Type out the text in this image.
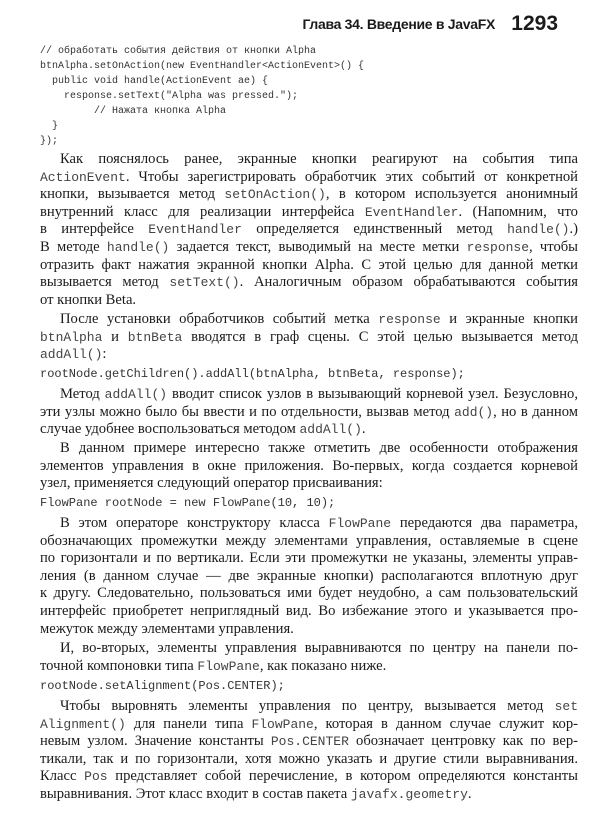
Глава 34. Введение в JavaFX 1293
// обработать события действия от кнопки Alpha
btnAlpha.setOnAction(new EventHandler<ActionEvent>() {
public void handle(ActionEvent ae) {
response.setText("Alpha was pressed.");
// Нажата кнопка Alpha
}
});
Как пояснялось ранее, экранные кнопки реагируют на события типа
ActionEvent. Чтобы зарегистрировать обработчик этих событий от конкретной
кнопки, вызывается метод setOnAction(), в котором используется анонимный
внутренний класс для реализации интерфейса EventHandler. (Напомним, что
в интерфейсе EventHandler определяется единственный метод handle().)
В методе handle() задается текст, выводимый на месте метки response, чтобы
отразить факт нажатия экранной кнопки Alpha. С этой целью для данной метки
вызывается метод setText(). Аналогичным образом обрабатываются события
от кнопки Beta.
После установки обработчиков событий метка response и экранные кнопки
btnAlpha и btnBeta вводятся в граф сцены. С этой целью вызывается метод
addAll():
rootNode.getChildren().addAll(btnAlpha, btnBeta, response);
Метод addAll() вводит список узлов в вызывающий корневой узел. Безусловно,
эти узлы можно было бы ввести и по отдельности, вызвав метод add(), но в данном
случае удобнее воспользоваться методом addAll().
В данном примере интересно также отметить две особенности отображения
элементов управления в окне приложения. Во-первых, когда создается корневой
узел, применяется следующий оператор присваивания:
FlowPane rootNode = new FlowPane(10, 10);
В этом операторе конструктору класса FlowPane передаются два параметра,
обозначающих промежутки между элементами управления, оставляемые в сцене
по горизонтали и по вертикали. Если эти промежутки не указаны, элементы управ-
ления (в данном случае — две экранные кнопки) располагаются вплотную друг
к другу. Следовательно, пользоваться ими будет неудобно, а сам пользовательский
интерфейс приобретет неприглядный вид. Во избежание этого и указывается про-
межуток между элементами управления.
И, во-вторых, элементы управления выравниваются по центру на панели по-
точной компоновки типа FlowPane, как показано ниже.
rootNode.setAlignment(Pos.CENTER);
Чтобы выровнять элементы управления по центру, вызывается метод set
Alignment() для панели типа FlowPane, которая в данном случае служит кор-
невым узлом. Значение константы Pos.CENTER обозначает центровку как по вер-
тикали, так и по горизонтали, хотя можно указать и другие стили выравнивания.
Класс Pos представляет собой перечисление, в котором определяются константы
выравнивания. Этот класс входит в состав пакета javafx.geometry.
